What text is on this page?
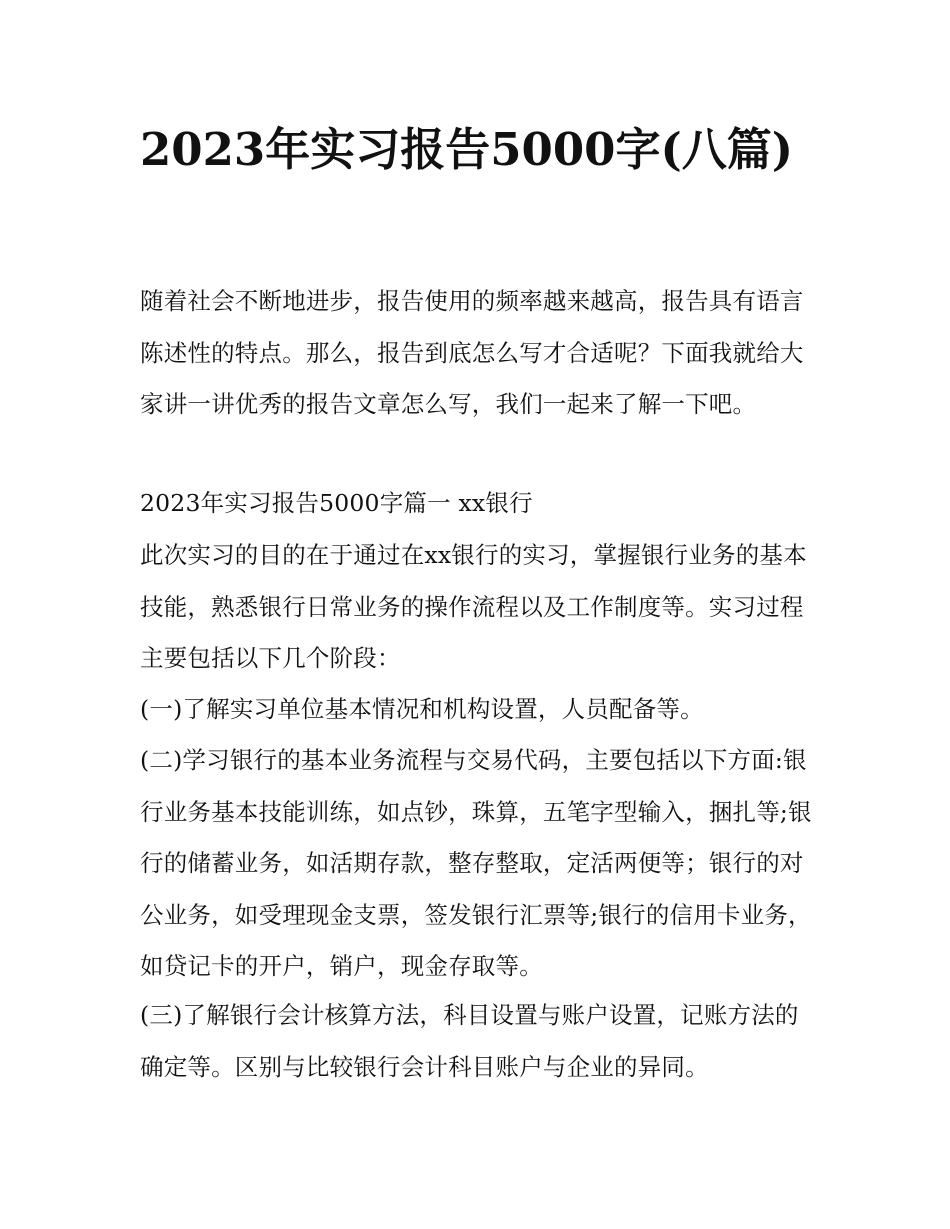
2023年实习报告5000字(八篇)

随着社会不断地进步，报告使用的频率越来越高，报告具有语言陈述性的特点。那么，报告到底怎么写才合适呢？下面我就给大家讲一讲优秀的报告文章怎么写，我们一起来了解一下吧。

2023年实习报告5000字篇一 xx银行

此次实习的目的在于通过在xx银行的实习，掌握银行业务的基本技能，熟悉银行日常业务的操作流程以及工作制度等。实习过程主要包括以下几个阶段：

(一)了解实习单位基本情况和机构设置，人员配备等。

(二)学习银行的基本业务流程与交易代码，主要包括以下方面:银行业务基本技能训练，如点钞，珠算，五笔字型输入，捆扎等;银行的储蓄业务，如活期存款，整存整取，定活两便等；银行的对公业务，如受理现金支票，签发银行汇票等;银行的信用卡业务，如贷记卡的开户，销户，现金存取等。

(三)了解银行会计核算方法，科目设置与账户设置，记账方法的确定等。区别与比较银行会计科目账户与企业的异同。
